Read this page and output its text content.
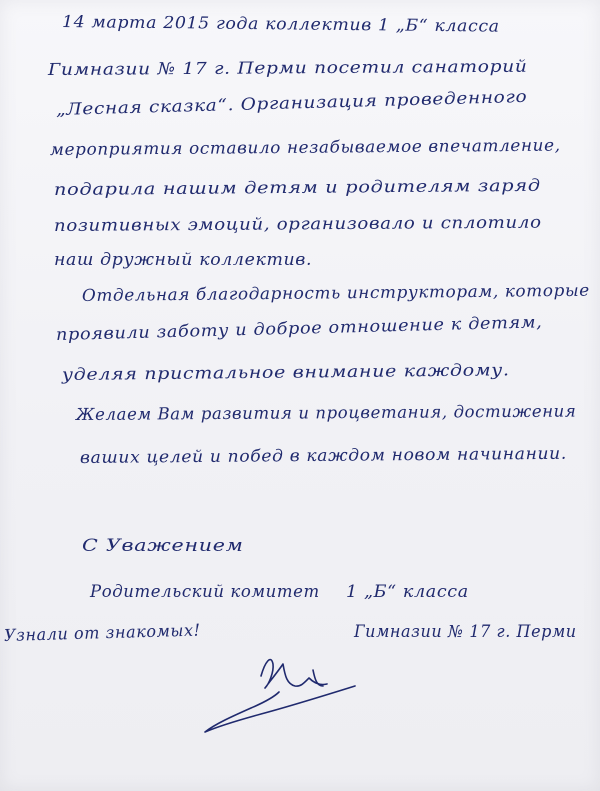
14 марта 2015 года коллектив 1 „Б“ класса
Гимназии № 17 г. Перми посетил санаторий
„Лесная сказка“. Организация проведенного
мероприятия оставило незабываемое впечатление,
подарила нашим детям и родителям заряд
позитивных эмоций, организовало и сплотило
наш дружный коллектив.
Отдельная благодарность инструкторам, которые
проявили заботу и доброе отношение к детям,
уделяя пристальное внимание каждому.
Желаем Вам развития и процветания, достижения
ваших целей и побед в каждом новом начинании.
С Уважением
Родительский комитет 1 „Б“ класса
Гимназии № 17 г. Перми
Узнали от знакомых!
